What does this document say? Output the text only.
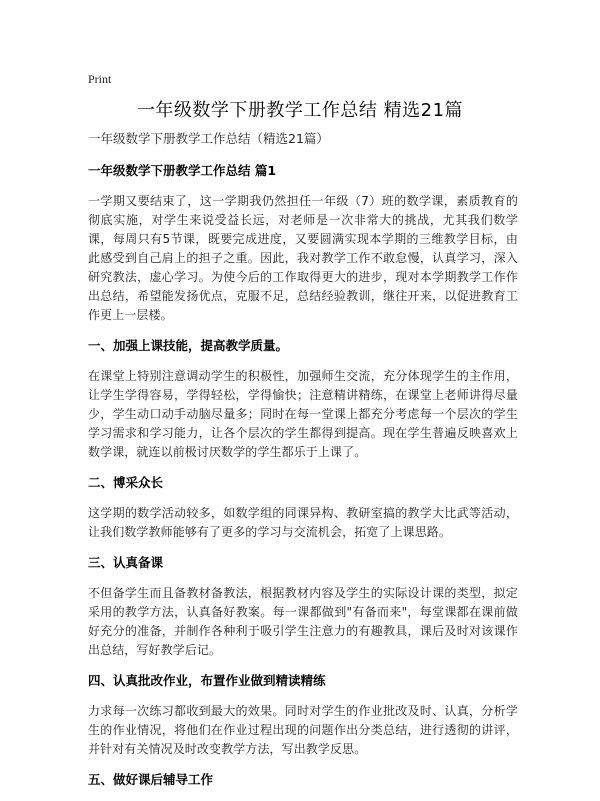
Print
一年级数学下册教学工作总结 精选21篇

一年级数学下册教学工作总结（精选21篇）

一年级数学下册教学工作总结 篇1

一学期又要结束了，这一学期我仍然担任一年级（7）班的数学课，素质教育的彻底实施，对学生来说受益长远，对老师是一次非常大的挑战，尤其我们数学课，每周只有5节课，既要完成进度，又要圆满实现本学期的三维教学目标，由此感受到自己肩上的担子之重。因此，我对教学工作不敢怠慢，认真学习，深入研究教法，虚心学习。为使今后的工作取得更大的进步，现对本学期教学工作作出总结，希望能发扬优点，克服不足，总结经验教训，继往开来，以促进教育工作更上一层楼。

一、加强上课技能，提高教学质量。

在课堂上特别注意调动学生的积极性，加强师生交流，充分体现学生的主作用，让学生学得容易，学得轻松，学得愉快；注意精讲精练，在课堂上老师讲得尽量少，学生动口动手动脑尽量多；同时在每一堂课上都充分考虑每一个层次的学生学习需求和学习能力，让各个层次的学生都得到提高。现在学生普遍反映喜欢上数学课，就连以前极讨厌数学的学生都乐于上课了。

二、博采众长

这学期的数学活动较多，如数学组的同课异构、教研室搞的教学大比武等活动，让我们数学教师能够有了更多的学习与交流机会，拓宽了上课思路。

三、认真备课

不但备学生而且备教材备教法，根据教材内容及学生的实际设计课的类型，拟定采用的教学方法，认真备好教案。每一课都做到"有备而来"，每堂课都在课前做好充分的准备，并制作各种利于吸引学生注意力的有趣教具，课后及时对该课作出总结，写好教学后记。

四、认真批改作业，布置作业做到精读精练

力求每一次练习都收到最大的效果。同时对学生的作业批改及时、认真，分析学生的作业情况，将他们在作业过程出现的问题作出分类总结，进行透彻的讲评，并针对有关情况及时改变教学方法，写出教学反思。

五、做好课后辅导工作
